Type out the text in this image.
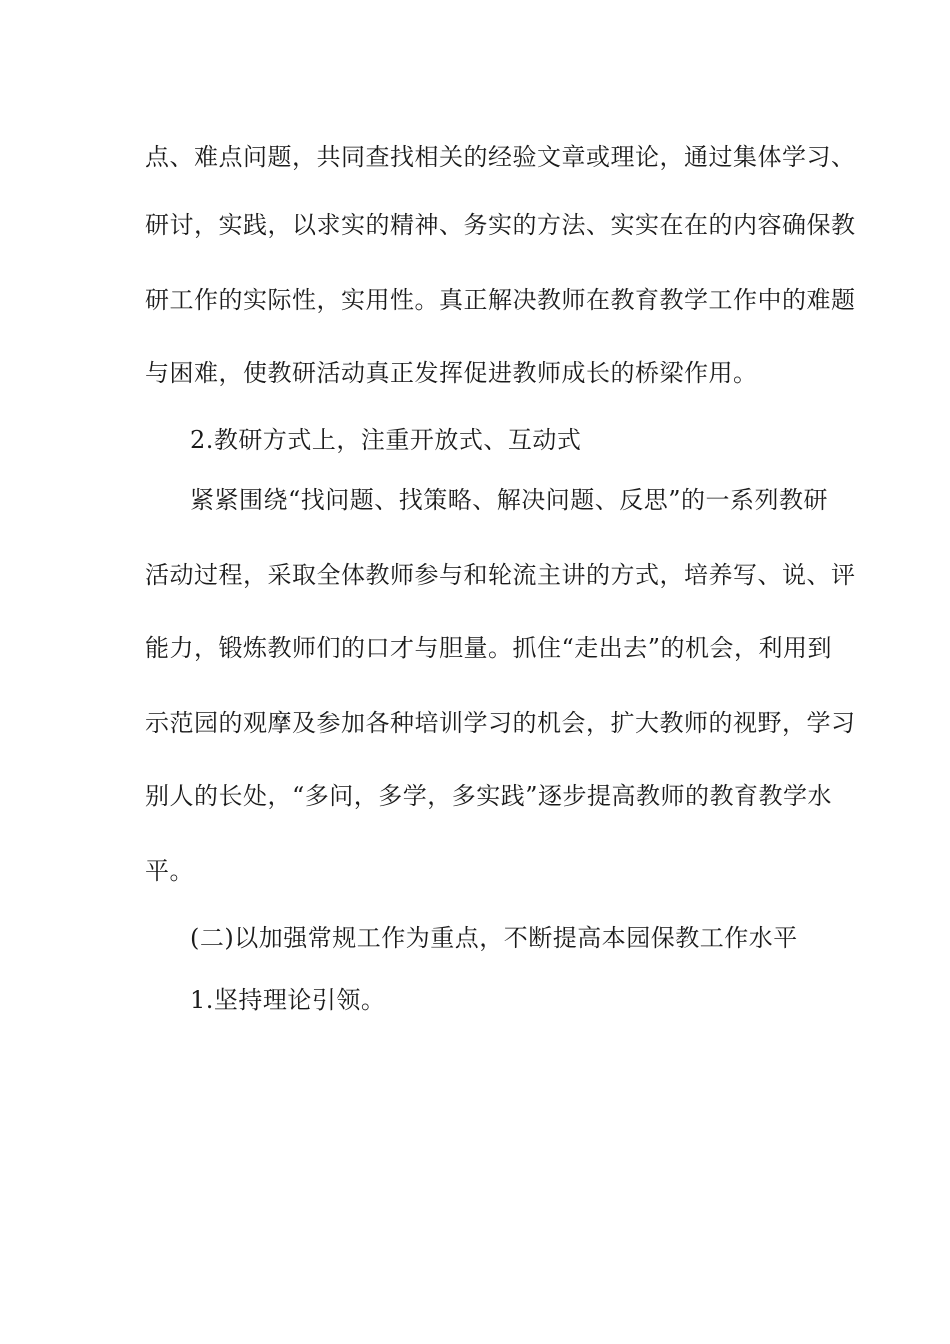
点、难点问题，共同查找相关的经验文章或理论，通过集体学习、
研讨，实践，以求实的精神、务实的方法、实实在在的内容确保教
研工作的实际性，实用性。真正解决教师在教育教学工作中的难题
与困难，使教研活动真正发挥促进教师成长的桥梁作用。
2.教研方式上，注重开放式、互动式
紧紧围绕“找问题、找策略、解决问题、反思”的一系列教研
活动过程，采取全体教师参与和轮流主讲的方式，培养写、说、评
能力，锻炼教师们的口才与胆量。抓住“走出去”的机会，利用到
示范园的观摩及参加各种培训学习的机会，扩大教师的视野，学习
别人的长处，“多问，多学，多实践”逐步提高教师的教育教学水
平。
(二)以加强常规工作为重点，不断提高本园保教工作水平
1.坚持理论引领。
